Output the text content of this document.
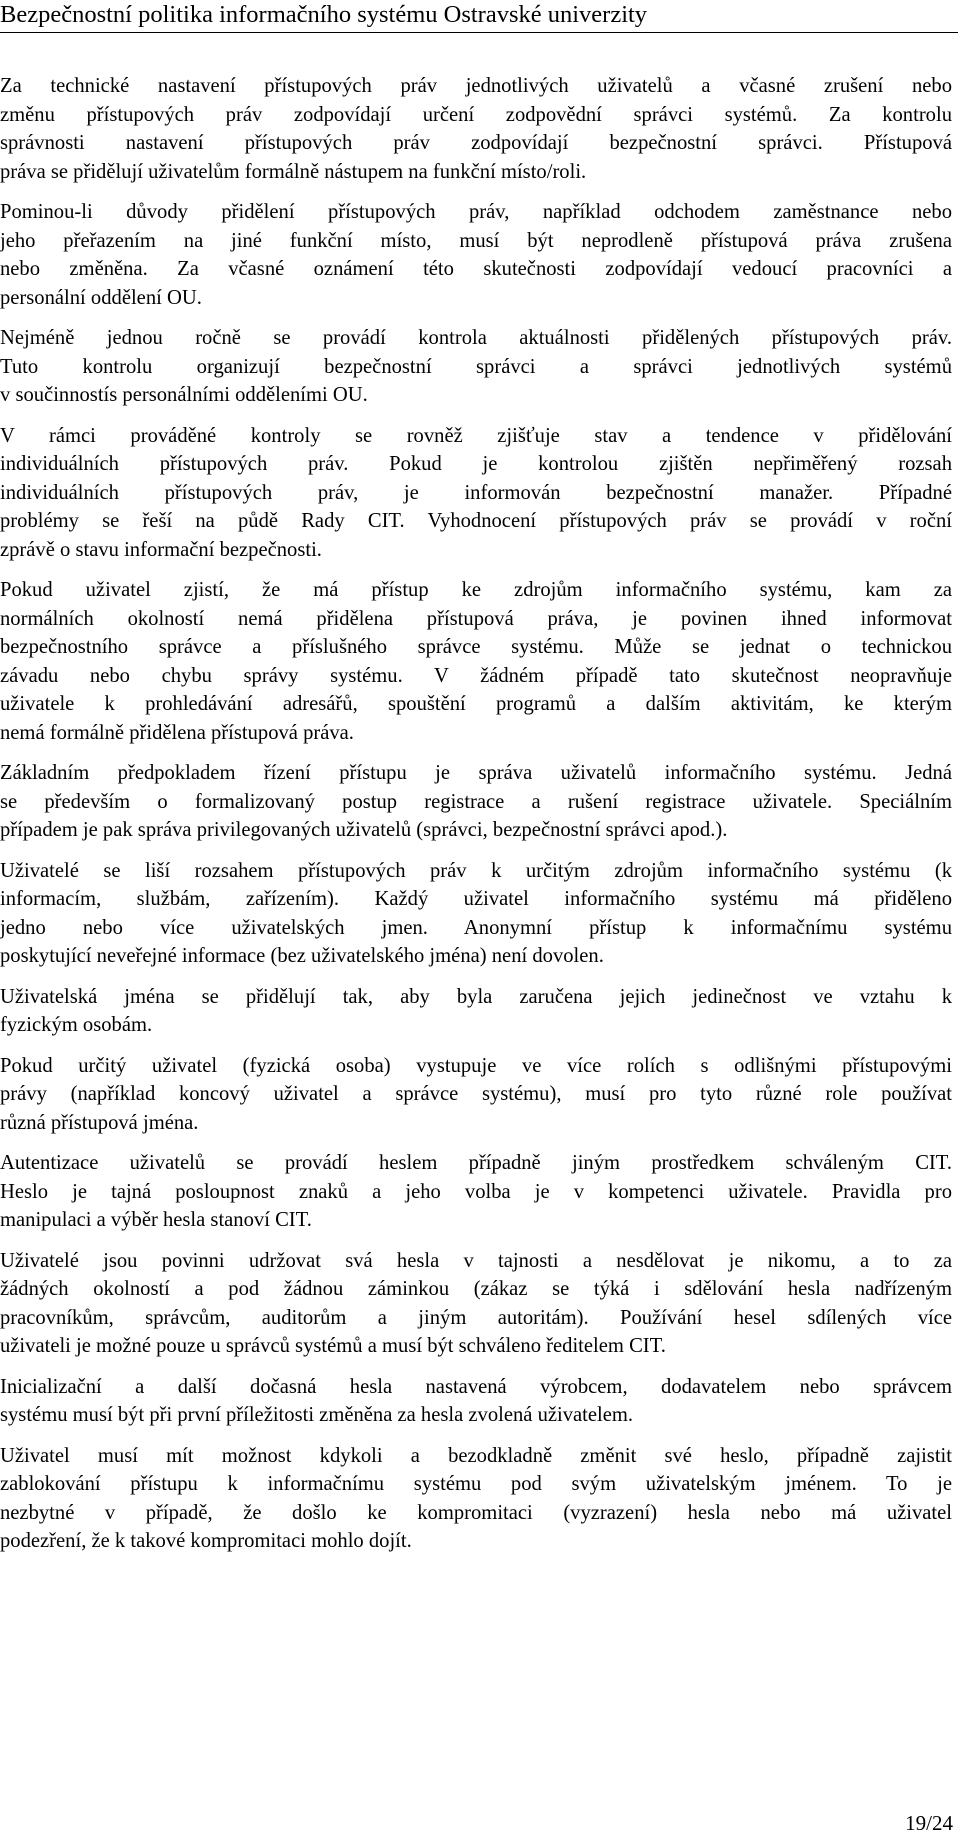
Bezpečnostní politika informačního systému Ostravské univerzity

Za technické nastavení přístupových práv jednotlivých uživatelů a včasné zrušení nebo
změnu přístupových práv zodpovídají určení zodpovědní správci systémů. Za kontrolu
správnosti nastavení přístupových práv zodpovídají bezpečnostní správci. Přístupová
práva se přidělují uživatelům formálně nástupem na funkční místo/roli.

Pominou-li důvody přidělení přístupových práv, například odchodem zaměstnance nebo
jeho přeřazením na jiné funkční místo, musí být neprodleně přístupová práva zrušena
nebo změněna. Za včasné oznámení této skutečnosti zodpovídají vedoucí pracovníci a
personální oddělení OU.

Nejméně jednou ročně se provádí kontrola aktuálnosti přidělených přístupových práv.
Tuto kontrolu organizují bezpečnostní správci a správci jednotlivých systémů
v součinnostís personálními odděleními OU.

V rámci prováděné kontroly se rovněž zjišťuje stav a tendence v přidělování
individuálních přístupových práv. Pokud je kontrolou zjištěn nepřiměřený rozsah
individuálních přístupových práv, je informován bezpečnostní manažer. Případné
problémy se řeší na půdě Rady CIT. Vyhodnocení přístupových práv se provádí v roční
zprávě o stavu informační bezpečnosti.

Pokud uživatel zjistí, že má přístup ke zdrojům informačního systému, kam za
normálních okolností nemá přidělena přístupová práva, je povinen ihned informovat
bezpečnostního správce a příslušného správce systému. Může se jednat o technickou
závadu nebo chybu správy systému. V žádném případě tato skutečnost neopravňuje
uživatele k prohledávání adresářů, spouštění programů a dalším aktivitám, ke kterým
nemá formálně přidělena přístupová práva.

Základním předpokladem řízení přístupu je správa uživatelů informačního systému. Jedná
se především o formalizovaný postup registrace a rušení registrace uživatele. Speciálním
případem je pak správa privilegovaných uživatelů (správci, bezpečnostní správci apod.).

Uživatelé se liší rozsahem přístupových práv k určitým zdrojům informačního systému (k
informacím, službám, zařízením). Každý uživatel informačního systému má přiděleno
jedno nebo více uživatelských jmen. Anonymní přístup k informačnímu systému
poskytující neveřejné informace (bez uživatelského jména) není dovolen.

Uživatelská jména se přidělují tak, aby byla zaručena jejich jedinečnost ve vztahu k
fyzickým osobám.

Pokud určitý uživatel (fyzická osoba) vystupuje ve více rolích s odlišnými přístupovými
právy (například koncový uživatel a správce systému), musí pro tyto různé role používat
různá přístupová jména.

Autentizace uživatelů se provádí heslem případně jiným prostředkem schváleným CIT.
Heslo je tajná posloupnost znaků a jeho volba je v kompetenci uživatele. Pravidla pro
manipulaci a výběr hesla stanoví CIT.

Uživatelé jsou povinni udržovat svá hesla v tajnosti a nesdělovat je nikomu, a to za
žádných okolností a pod žádnou záminkou (zákaz se týká i sdělování hesla nadřízeným
pracovníkům, správcům, auditorům a jiným autoritám). Používání hesel sdílených více
uživateli je možné pouze u správců systémů a musí být schváleno ředitelem CIT.

Inicializační a další dočasná hesla nastavená výrobcem, dodavatelem nebo správcem
systému musí být při první příležitosti změněna za hesla zvolená uživatelem.

Uživatel musí mít možnost kdykoli a bezodkladně změnit své heslo, případně zajistit
zablokování přístupu k informačnímu systému pod svým uživatelským jménem. To je
nezbytné v případě, že došlo ke kompromitaci (vyzrazení) hesla nebo má uživatel
podezření, že k takové kompromitaci mohlo dojít.

19/24
